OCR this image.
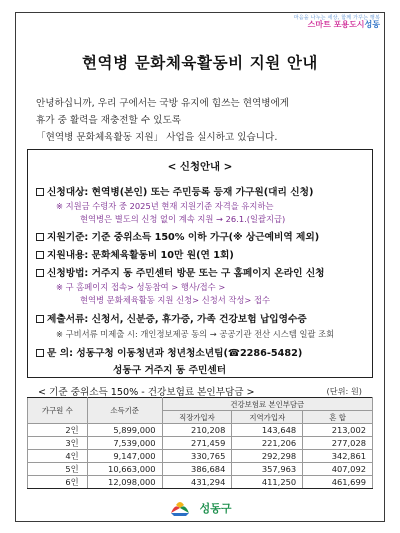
마음을 나누는 세상, 함께 가꾸는 행복
스마트 포용도시성동
현역병 문화체육활동비 지원 안내
안녕하십니까, 우리 구에서는 국방 유지에 힘쓰는 현역병에게
휴가 중 활력을 재충전할 수 있도록
「현역병 문화체육활동 지원」 사업을 실시하고 있습니다.
< 신청안내 >
신청대상: 현역병(본인) 또는 주민등록 등재 가구원(대리 신청)
※ 지원금 수령자 중 2025년 현재 지원기준 자격을 유지하는
현역병은 별도의 신청 없이 계속 지원 → 26.1.(일괄지급)
지원기준: 기준 중위소득 150% 이하 가구(※ 상근예비역 제외)
지원내용: 문화체육활동비 10만 원(연 1회)
신청방법: 거주지 동 주민센터 방문 또는 구 홈페이지 온라인 신청
※ 구 홈페이지 접속> 성동참여 > 행사/접수 >
현역병 문화체육활동 지원 신청> 신청서 작성> 접수
제출서류: 신청서, 신분증, 휴가증, 가족 건강보험 납입영수증
※ 구비서류 미제출 시: 개인정보제공 동의 → 공공기관 전산 시스템 일괄 조회
문 의: 성동구청 이동청년과 청년청소년팀(☎2286-5482)
성동구 거주지 동 주민센터
< 기준 중위소득 150% - 건강보험료 본인부담금 >	(단위: 원)
가구원 수	소득기준	건강보험료 본인부담금		
		직장가입자	지역가입자	혼 합
2인	5,899,000	210,208	143,648	213,002
3인	7,539,000	271,459	221,206	277,028
4인	9,147,000	330,765	292,298	342,861
5인	10,663,000	386,684	357,963	407,092
6인	12,098,000	431,294	411,250	461,699
성동구
